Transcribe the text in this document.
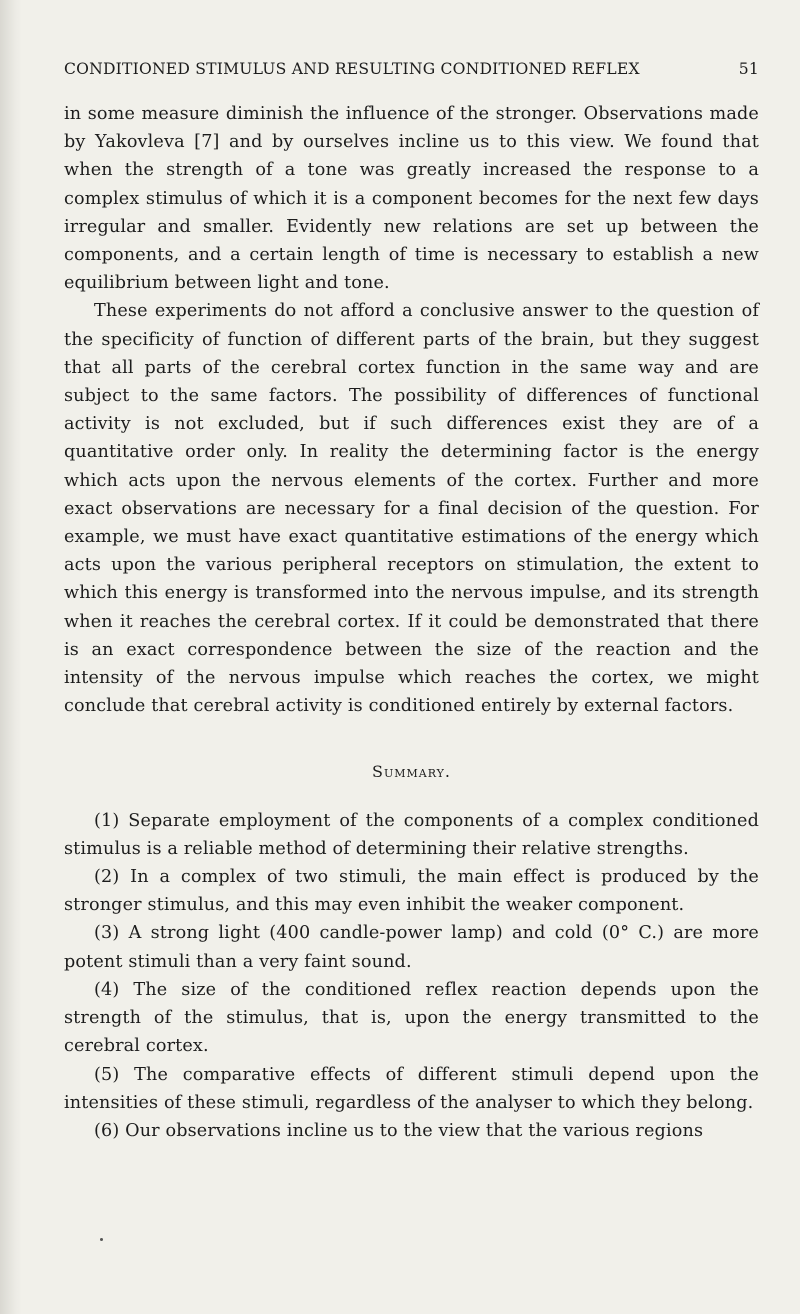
CONDITIONED STIMULUS AND RESULTING CONDITIONED REFLEX	51

in some measure diminish the influence of the stronger. Observations made by Yakovleva [7] and by ourselves incline us to this view. We found that when the strength of a tone was greatly increased the response to a complex stimulus of which it is a component becomes for the next few days irregular and smaller. Evidently new relations are set up between the components, and a certain length of time is necessary to establish a new equilibrium between light and tone.

These experiments do not afford a conclusive answer to the question of the specificity of function of different parts of the brain, but they suggest that all parts of the cerebral cortex function in the same way and are subject to the same factors. The possibility of differences of functional activity is not excluded, but if such differences exist they are of a quantitative order only. In reality the determining factor is the energy which acts upon the nervous elements of the cortex. Further and more exact observations are necessary for a final decision of the question. For example, we must have exact quantitative estimations of the energy which acts upon the various peripheral receptors on stimulation, the extent to which this energy is transformed into the nervous impulse, and its strength when it reaches the cerebral cortex. If it could be demonstrated that there is an exact correspondence between the size of the reaction and the intensity of the nervous impulse which reaches the cortex, we might conclude that cerebral activity is conditioned entirely by external factors.

Summary.

(1) Separate employment of the components of a complex conditioned stimulus is a reliable method of determining their relative strengths.

(2) In a complex of two stimuli, the main effect is produced by the stronger stimulus, and this may even inhibit the weaker component.

(3) A strong light (400 candle-power lamp) and cold (0° C.) are more potent stimuli than a very faint sound.

(4) The size of the conditioned reflex reaction depends upon the strength of the stimulus, that is, upon the energy transmitted to the cerebral cortex.

(5) The comparative effects of different stimuli depend upon the intensities of these stimuli, regardless of the analyser to which they belong.

(6) Our observations incline us to the view that the various regions
